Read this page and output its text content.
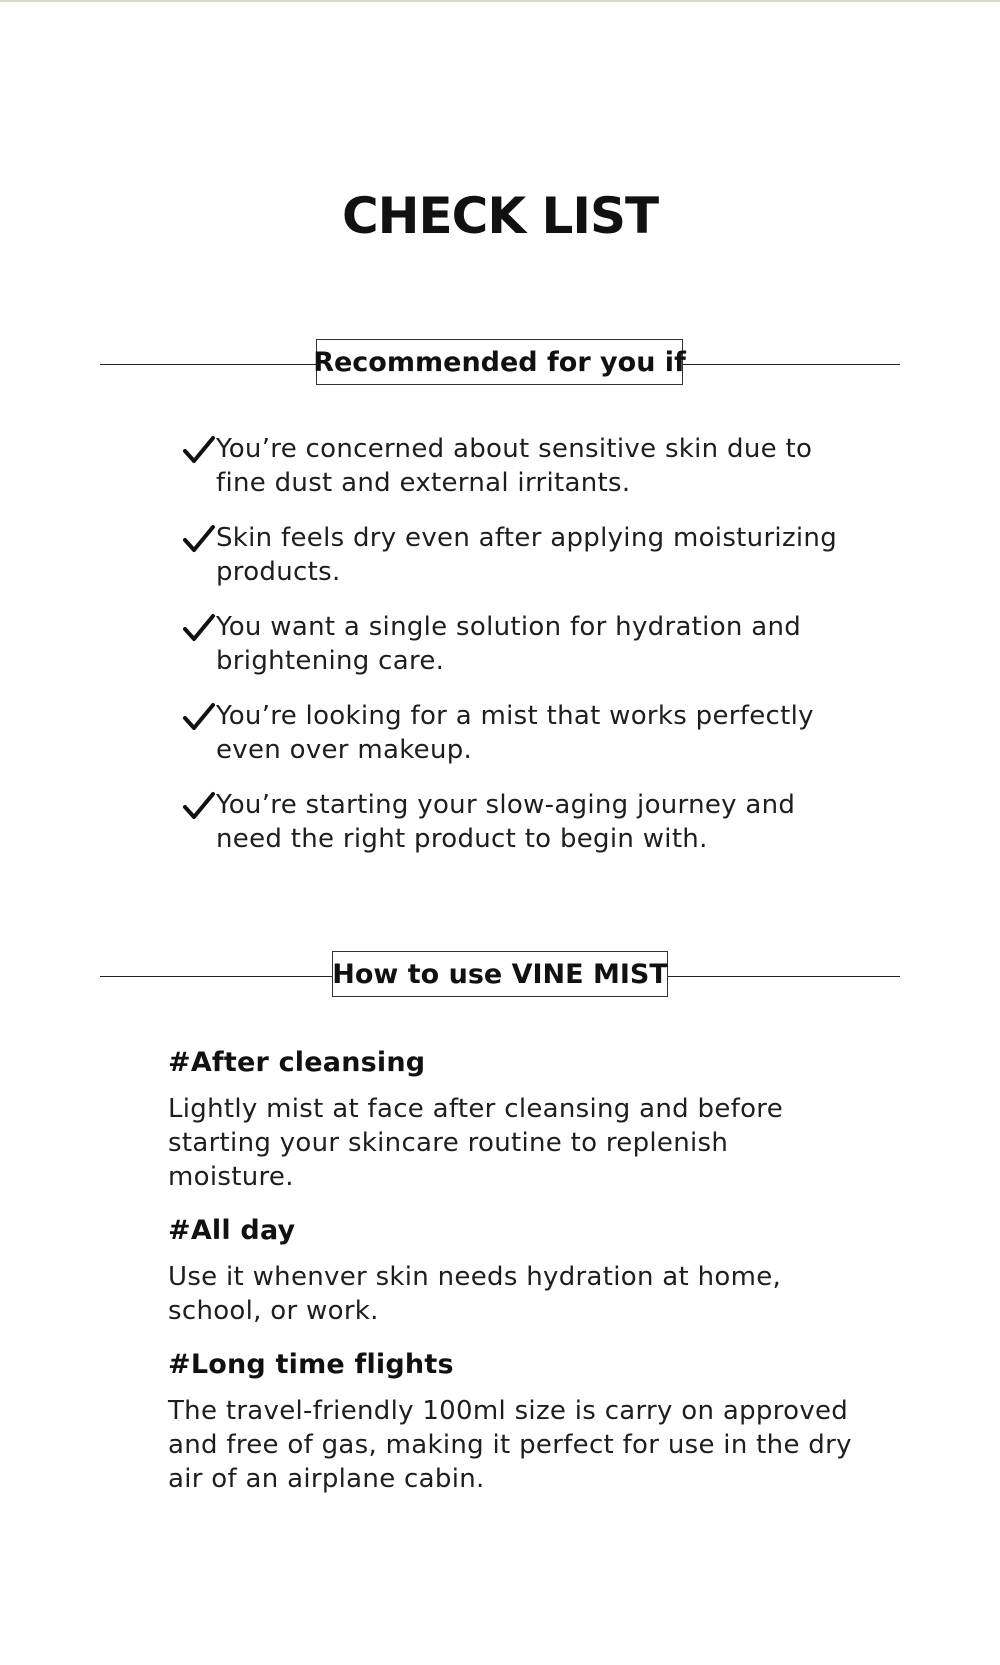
CHECK LIST
Recommended for you if
You’re concerned about sensitive skin due to fine dust and external irritants.
Skin feels dry even after applying moisturizing products.
You want a single solution for hydration and brightening care.
You’re looking for a mist that works perfectly even over makeup.
You’re starting your slow-aging journey and need the right product to begin with.
How to use VINE MIST

#After cleansing

Lightly mist at face after cleansing and before starting your skincare routine to replenish moisture.

#All day

Use it whenver skin needs hydration at home, school, or work.

#Long time flights

The travel-friendly 100ml size is carry on approved and free of gas, making it perfect for use in the dry air of an airplane cabin.
